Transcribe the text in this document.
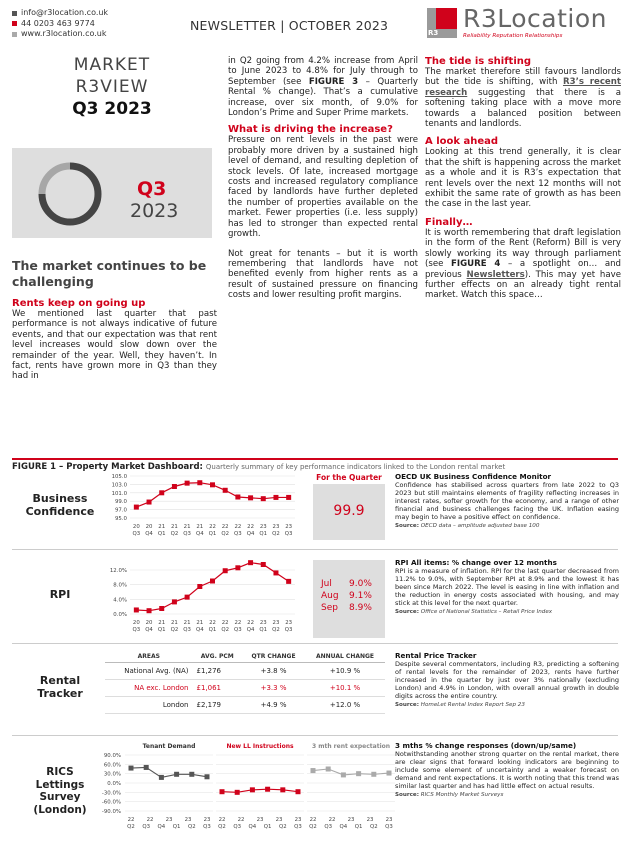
info@r3location.co.uk
44 0203 463 9774
www.r3location.co.uk
NEWSLETTER | OCTOBER 2023	R3 R3Location
Reliability Reputation Relationships
MARKET
R3VIEW
Q3 2023
Q3
2023
The market continues to be challenging
Rents keep on going up
We mentioned last quarter that past performance is not always indicative of future events, and that our expectation was that rent level increases would slow down over the remainder of the year. Well, they haven’t. In fact, rents have grown more in Q3 than they had in
in Q2 going from 4.2% increase from April to June 2023 to 4.8% for July through to September (see FIGURE 3 – Quarterly Rental % change). That’s a cumulative increase, over six month, of 9.0% for London’s Prime and Super Prime markets.
What is driving the increase?
Pressure on rent levels in the past were probably more driven by a sustained high level of demand, and resulting depletion of stock levels. Of late, increased mortgage costs and increased regulatory compliance faced by landlords have further depleted the number of properties available on the market. Fewer properties (i.e. less supply) has led to stronger than expected rental growth.
Not great for tenants – but it is worth remembering that landlords have not benefited evenly from higher rents as a result of sustained pressure on financing costs and lower resulting profit margins.
The tide is shifting
The market therefore still favours landlords but the tide is shifting, with R3’s recent research suggesting that there is a softening taking place with a move more towards a balanced position between tenants and landlords.
A look ahead
Looking at this trend generally, it is clear that the shift is happening across the market as a whole and it is R3’s expectation that rent levels over the next 12 months will not exhibit the same rate of growth as has been the case in the last year.
Finally…
It is worth remembering that draft legislation in the form of the Rent (Reform) Bill is very slowly working its way through parliament (see FIGURE 4 – a spotlight on… and previous Newsletters). This may yet have further effects on an already tight rental market. Watch this space…
FIGURE 1 – Property Market Dashboard: Quarterly summary of key performance indicators linked to the London rental market
Business
Confidence
105.0
103.0
101.0
99.0
97.0
95.0
20 20 21 21 21 21 22 22 22 22 23 23 23
Q3 Q4 Q1 Q2 Q3 Q4 Q1 Q2 Q3 Q4 Q1 Q2 Q3
For the Quarter
99.9
OECD UK Business Confidence Monitor
Confidence has stabilised across quarters from late 2022 to Q3 2023 but still maintains elements of fragility reflecting increases in interest rates, softer growth for the economy, and a range of other financial and business challenges facing the UK. Inflation easing may begin to have a positive effect on confidence.
Source: OECD data – amplitude adjusted base 100
RPI
12.0%
8.0%
4.0%
0.0%
20 20 21 21 21 21 22 22 22 22 23 23 23
Q3 Q4 Q1 Q2 Q3 Q4 Q1 Q2 Q3 Q4 Q1 Q2 Q3
Jul 9.0%
Aug 9.1%
Sep 8.9%
RPI All items: % change over 12 months
RPI is a measure of inflation. RPI for the last quarter decreased from 11.2% to 9.0%, with September RPI at 8.9% and the lowest it has been since March 2022. The level is easing in line with inflation and the reduction in energy costs associated with housing, and may stick at this level for the next quarter.
Source: Office of National Statistics – Retail Price Index
Rental
Tracker
AREAS	AVG. PCM	QTR CHANGE	ANNUAL CHANGE
National Avg. (NA)	£1,276	+3.8 %	+10.9 %
NA exc. London	£1,061	+3.3 %	+10.1 %
London	£2,179	+4.9 %	+12.0 %
Rental Price Tracker
Despite several commentators, including R3, predicting a softening of rental levels for the remainder of 2023, rents have further increased in the quarter by just over 3% nationally (excluding London) and 4.9% in London, with overall annual growth in double digits across the entire country.
Source: HomeLet Rental Index Report Sep 23
RICS
Lettings
Survey
(London)
90.0%
60.0%
30.0%
0.0%
-30.0%
-60.0%
-90.0%
Tenant Demand
22 22 23 23 23
Q2 Q3 Q4 Q1 Q2 Q3
New LL Instructions
22 22 23 23 23
Q2 Q3 Q4 Q1 Q2 Q3
3 mth rent expectation
22 22 23 23 23
Q2 Q3 Q4 Q1 Q2 Q3
3 mths % change responses (down/up/same)
Notwithstanding another strong quarter on the rental market, there are clear signs that forward looking indicators are beginning to include some element of uncertainty and a weaker forecast on demand and rent expectations. It is worth noting that this trend was similar last quarter and has had little effect on actual results.
Source: RICS Monthly Market Surveys
